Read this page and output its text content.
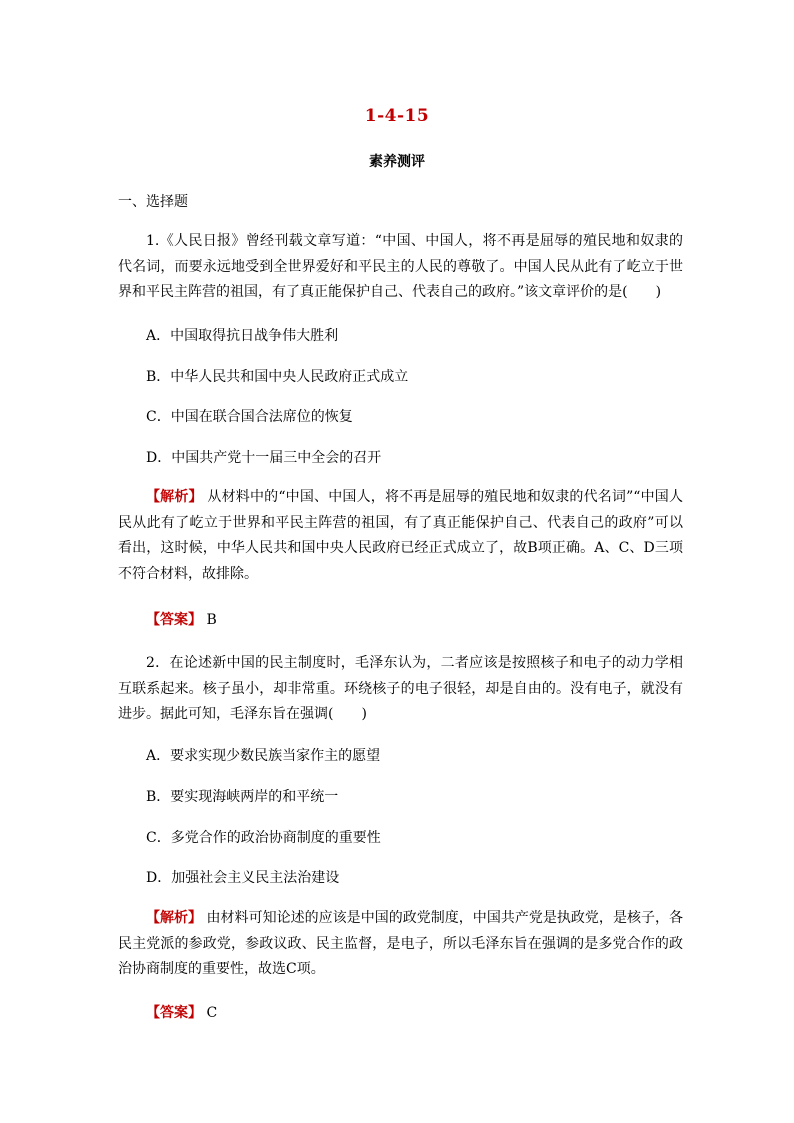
1-4-15
素养测评
一、选择题
1.《人民日报》曾经刊载文章写道：“中国、中国人，将不再是屈辱的殖民地和奴隶的代名词，而要永远地受到全世界爱好和平民主的人民的尊敬了。中国人民从此有了屹立于世界和平民主阵营的祖国，有了真正能保护自己、代表自己的政府。”该文章评价的是(　　)
A．中国取得抗日战争伟大胜利
B．中华人民共和国中央人民政府正式成立
C．中国在联合国合法席位的恢复
D．中国共产党十一届三中全会的召开
【解析】 从材料中的“中国、中国人，将不再是屈辱的殖民地和奴隶的代名词”“中国人民从此有了屹立于世界和平民主阵营的祖国，有了真正能保护自己、代表自己的政府”可以看出，这时候，中华人民共和国中央人民政府已经正式成立了，故B项正确。A、C、D三项不符合材料，故排除。
【答案】 B
2．在论述新中国的民主制度时，毛泽东认为，二者应该是按照核子和电子的动力学相互联系起来。核子虽小，却非常重。环绕核子的电子很轻，却是自由的。没有电子，就没有进步。据此可知，毛泽东旨在强调(　　)
A．要求实现少数民族当家作主的愿望
B．要实现海峡两岸的和平统一
C．多党合作的政治协商制度的重要性
D．加强社会主义民主法治建设
【解析】 由材料可知论述的应该是中国的政党制度，中国共产党是执政党，是核子，各民主党派的参政党，参政议政、民主监督，是电子，所以毛泽东旨在强调的是多党合作的政治协商制度的重要性，故选C项。
【答案】 C
